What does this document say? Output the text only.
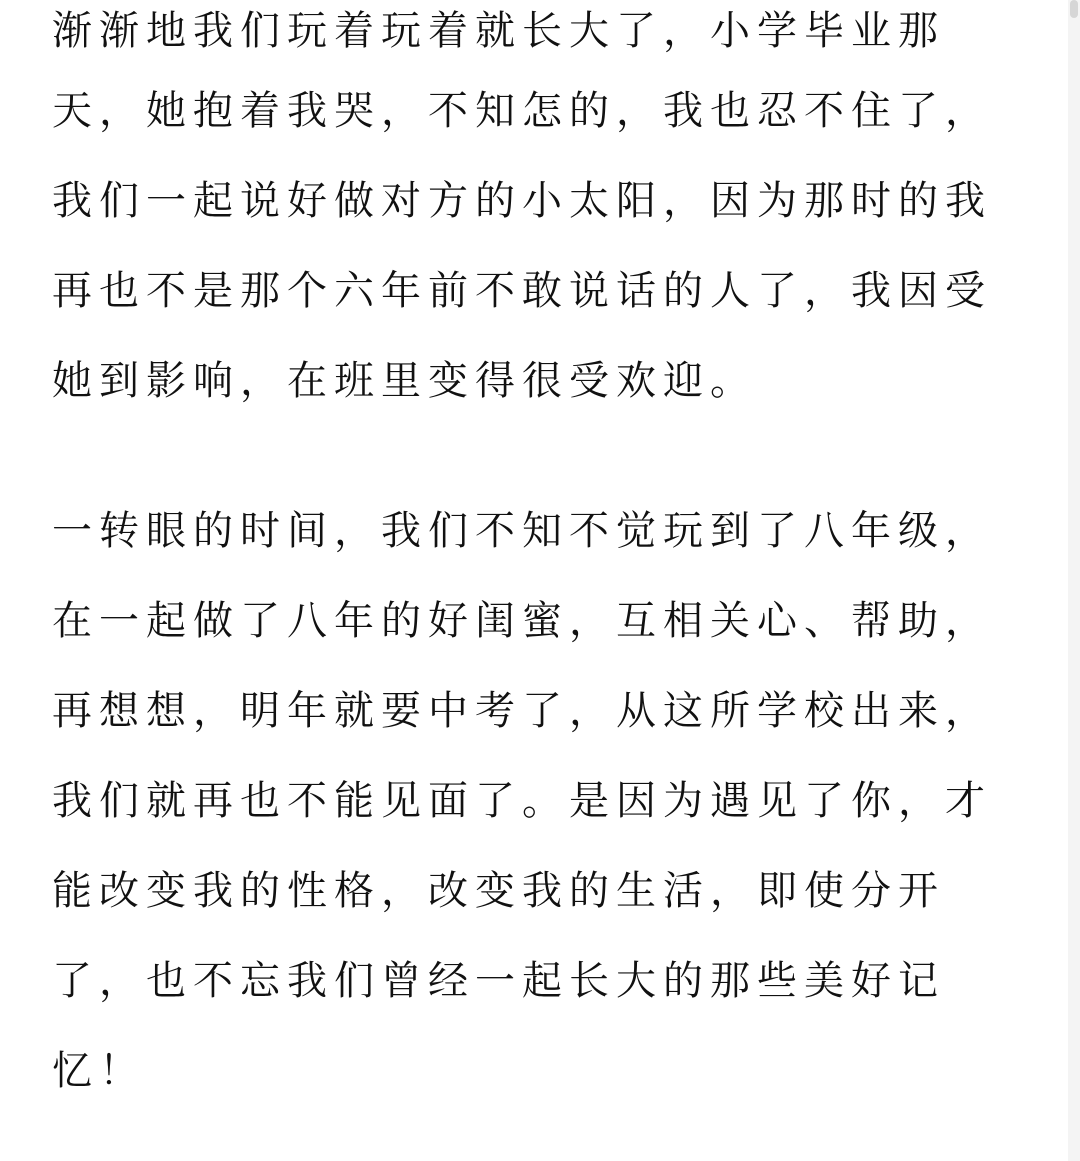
渐渐地我们玩着玩着就长大了，小学毕业那
天，她抱着我哭，不知怎的，我也忍不住了，
我们一起说好做对方的小太阳，因为那时的我
再也不是那个六年前不敢说话的人了，我因受
她到影响，在班里变得很受欢迎。
一转眼的时间，我们不知不觉玩到了八年级，
在一起做了八年的好闺蜜，互相关心、帮助，
再想想，明年就要中考了，从这所学校出来，
我们就再也不能见面了。是因为遇见了你，才
能改变我的性格，改变我的生活，即使分开
了，也不忘我们曾经一起长大的那些美好记
忆！
